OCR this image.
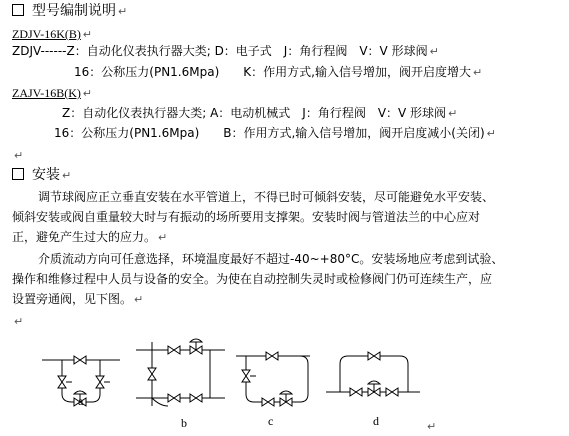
型号编制说明 ↵
ZDJV-16K(B) ↵
ZDJV------Z：自动化仪表执行器大类; D：电子式　J：角行程阀　V：V 形球阀 ↵
16：公称压力(PN1.6Mpa)　　K：作用方式,输入信号增加，阀开启度增大 ↵
ZAJV-16B(K) ↵
Z：自动化仪表执行器大类; A：电动机械式　J：角行程阀　V：V 形球阀 ↵
16：公称压力(PN1.6Mpa)　　B：作用方式,输入信号增加，阀开启度减小(关闭) ↵
↵
安装 ↵
调节球阀应正立垂直安装在水平管道上，不得已时可倾斜安装，尽可能避免水平安装、
倾斜安装或阀自重量较大时与有振动的场所要用支撑架。安装时阀与管道法兰的中心应对
正，避免产生过大的应力。 ↵
介质流动方向可任意选择，环境温度最好不超过-40~+80°C。安装场地应考虑到试验、
操作和维修过程中人员与设备的安全。为使在自动控制失灵时或检修阀门仍可连续生产，应
设置旁通阀，见下图。 ↵
↵
a
b	c	d	↵
